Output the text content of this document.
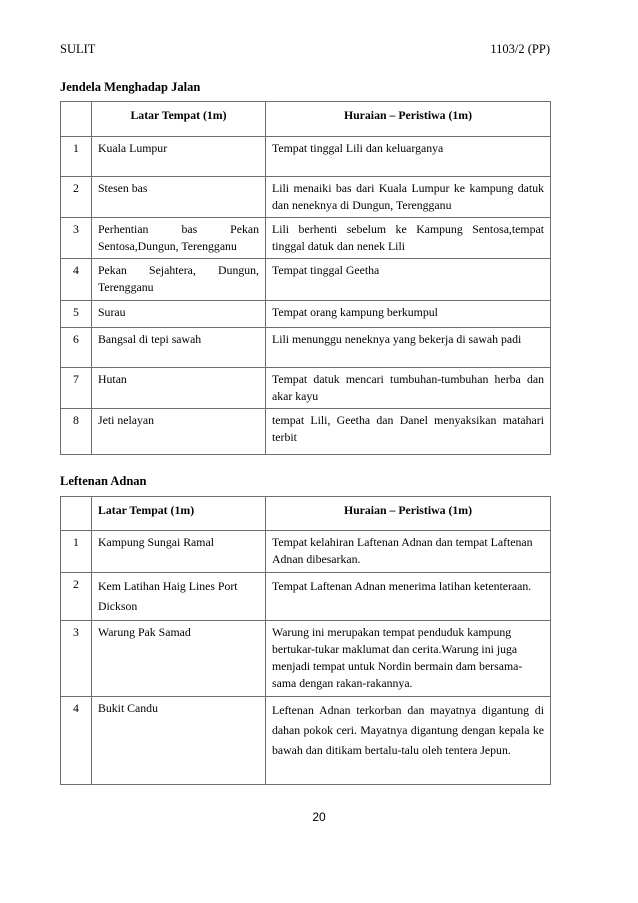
SULIT	1103/2 (PP)
Jendela Menghadap Jalan
	Latar Tempat (1m)	Huraian – Peristiwa (1m)
1	Kuala Lumpur	Tempat tinggal Lili dan keluarganya
2	Stesen bas	Lili menaiki bas dari Kuala Lumpur ke kampung datuk dan neneknya di Dungun, Terengganu
3	Perhentian bas Pekan Sentosa,Dungun, Terengganu	Lili berhenti sebelum ke Kampung Sentosa,tempat tinggal datuk dan nenek Lili
4	Pekan Sejahtera, Dungun, Terengganu	Tempat tinggal Geetha
5	Surau	Tempat orang kampung berkumpul
6	Bangsal di tepi sawah	Lili menunggu neneknya yang bekerja di sawah padi
7	Hutan	Tempat datuk mencari tumbuhan-tumbuhan herba dan akar kayu
8	Jeti nelayan	tempat Lili, Geetha dan Danel menyaksikan matahari terbit
Leftenan Adnan
	Latar Tempat (1m)	Huraian – Peristiwa (1m)
1	Kampung Sungai Ramal	Tempat kelahiran Laftenan Adnan dan tempat Laftenan Adnan dibesarkan.
2	Kem Latihan Haig Lines Port Dickson	Tempat Laftenan Adnan menerima latihan ketenteraan.
3	Warung Pak Samad	Warung ini merupakan tempat penduduk kampung bertukar-tukar maklumat dan cerita.Warung ini juga menjadi tempat untuk Nordin bermain dam bersama-sama dengan rakan-rakannya.
4	Bukit Candu	Leftenan Adnan terkorban dan mayatnya digantung di dahan pokok ceri. Mayatnya digantung dengan kepala ke bawah dan ditikam bertalu-talu oleh tentera Jepun.
20
